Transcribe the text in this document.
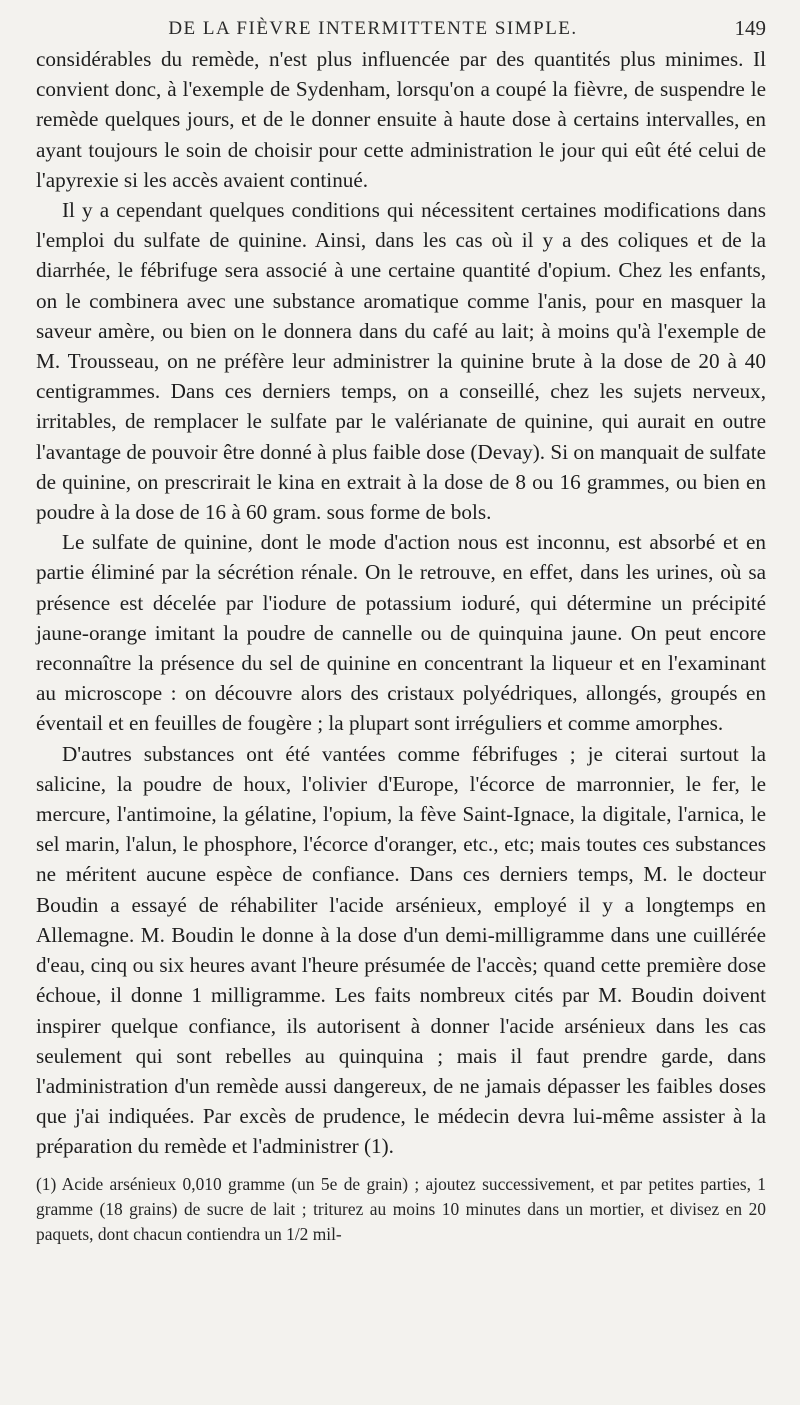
DE LA FIÈVRE INTERMITTENTE SIMPLE.	149

considérables du remède, n'est plus influencée par des quantités plus minimes. Il convient donc, à l'exemple de Sydenham, lorsqu'on a coupé la fièvre, de suspendre le remède quelques jours, et de le donner ensuite à haute dose à certains intervalles, en ayant toujours le soin de choisir pour cette administration le jour qui eût été celui de l'apyrexie si les accès avaient continué.

Il y a cependant quelques conditions qui nécessitent certaines modifications dans l'emploi du sulfate de quinine. Ainsi, dans les cas où il y a des coliques et de la diarrhée, le fébrifuge sera associé à une certaine quantité d'opium. Chez les enfants, on le combinera avec une substance aromatique comme l'anis, pour en masquer la saveur amère, ou bien on le donnera dans du café au lait; à moins qu'à l'exemple de M. Trousseau, on ne préfère leur administrer la quinine brute à la dose de 20 à 40 centigrammes. Dans ces derniers temps, on a conseillé, chez les sujets nerveux, irritables, de remplacer le sulfate par le valérianate de quinine, qui aurait en outre l'avantage de pouvoir être donné à plus faible dose (Devay). Si on manquait de sulfate de quinine, on prescrirait le kina en extrait à la dose de 8 ou 16 grammes, ou bien en poudre à la dose de 16 à 60 gram. sous forme de bols.

Le sulfate de quinine, dont le mode d'action nous est inconnu, est absorbé et en partie éliminé par la sécrétion rénale. On le retrouve, en effet, dans les urines, où sa présence est décelée par l'iodure de potassium ioduré, qui détermine un précipité jaune-orange imitant la poudre de cannelle ou de quinquina jaune. On peut encore reconnaître la présence du sel de quinine en concentrant la liqueur et en l'examinant au microscope : on découvre alors des cristaux polyédriques, allongés, groupés en éventail et en feuilles de fougère ; la plupart sont irréguliers et comme amorphes.

D'autres substances ont été vantées comme fébrifuges ; je citerai surtout la salicine, la poudre de houx, l'olivier d'Europe, l'écorce de marronnier, le fer, le mercure, l'antimoine, la gélatine, l'opium, la fève Saint-Ignace, la digitale, l'arnica, le sel marin, l'alun, le phosphore, l'écorce d'oranger, etc., etc; mais toutes ces substances ne méritent aucune espèce de confiance. Dans ces derniers temps, M. le docteur Boudin a essayé de réhabiliter l'acide arsénieux, employé il y a longtemps en Allemagne. M. Boudin le donne à la dose d'un demi-milligramme dans une cuillérée d'eau, cinq ou six heures avant l'heure présumée de l'accès; quand cette première dose échoue, il donne 1 milligramme. Les faits nombreux cités par M. Boudin doivent inspirer quelque confiance, ils autorisent à donner l'acide arsénieux dans les cas seulement qui sont rebelles au quinquina ; mais il faut prendre garde, dans l'administration d'un remède aussi dangereux, de ne jamais dépasser les faibles doses que j'ai indiquées. Par excès de prudence, le médecin devra lui-même assister à la préparation du remède et l'administrer (1).

(1) Acide arsénieux 0,010 gramme (un 5e de grain) ; ajoutez successivement, et par petites parties, 1 gramme (18 grains) de sucre de lait ; triturez au moins 10 minutes dans un mortier, et divisez en 20 paquets, dont chacun contiendra un 1/2 mil-
